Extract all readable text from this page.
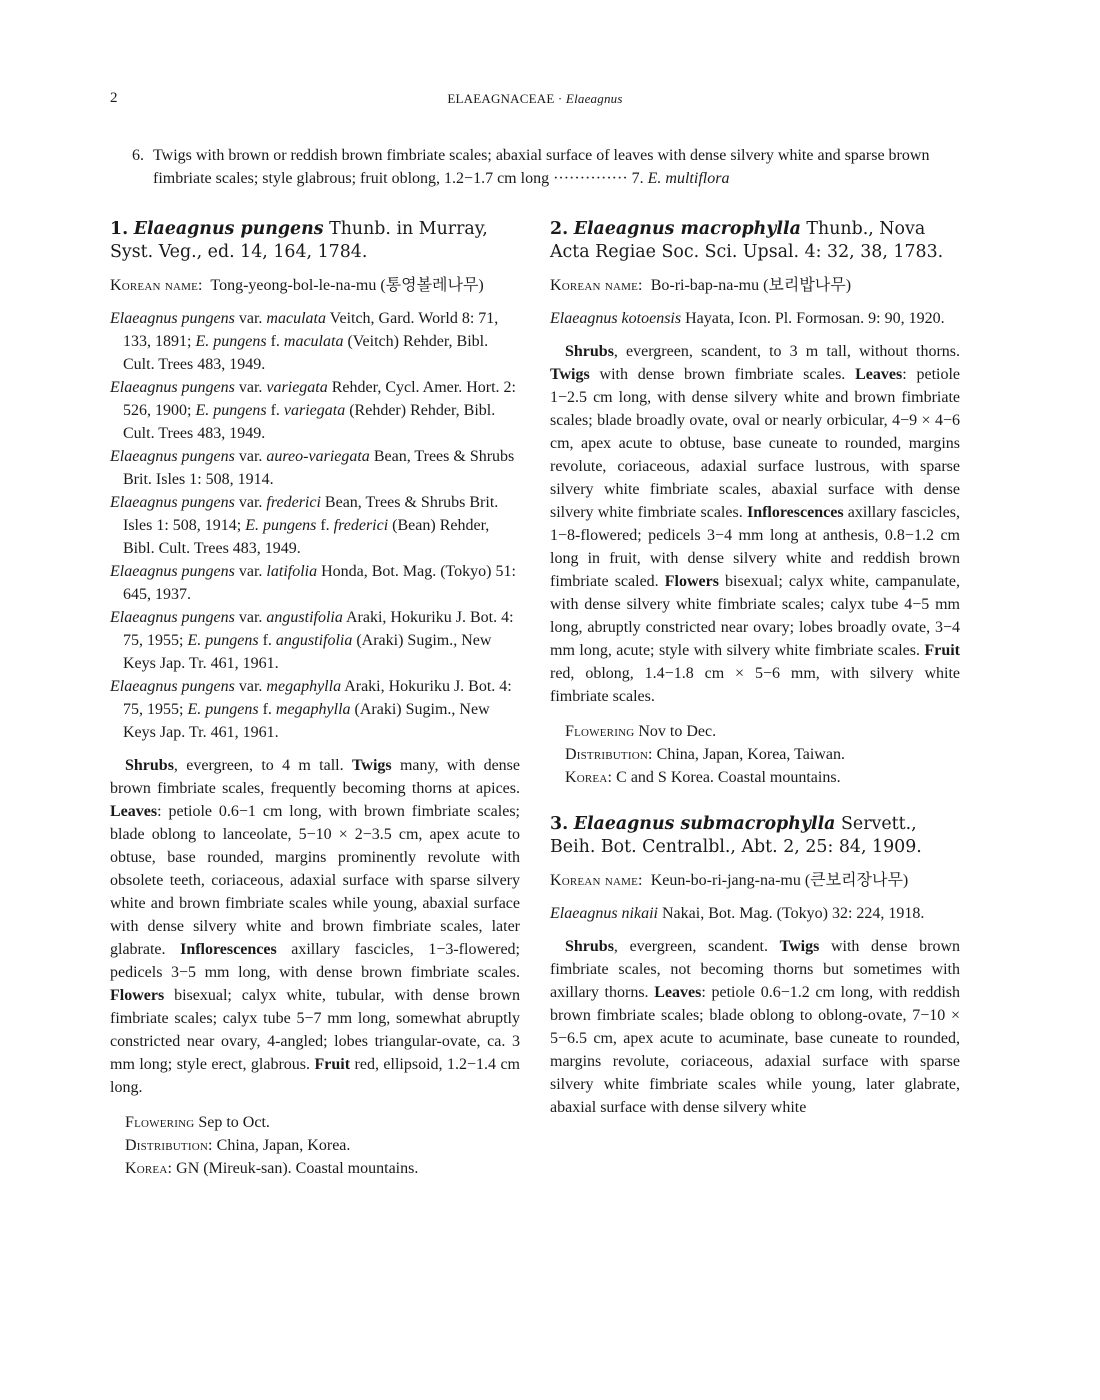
2	ELAEAGNACEAE · Elaeagnus
6. Twigs with brown or reddish brown fimbriate scales; abaxial surface of leaves with dense silvery white and sparse brown fimbriate scales; style glabrous; fruit oblong, 1.2−1.7 cm long ·············· 7. E. multiflora
1. Elaeagnus pungens Thunb. in Murray, Syst. Veg., ed. 14, 164, 1784.

Korean name: Tong-yeong-bol-le-na-mu (통영볼레나무)

Elaeagnus pungens var. maculata Veitch, Gard. World 8: 71, 133, 1891; E. pungens f. maculata (Veitch) Rehder, Bibl. Cult. Trees 483, 1949.

Elaeagnus pungens var. variegata Rehder, Cycl. Amer. Hort. 2: 526, 1900; E. pungens f. variegata (Rehder) Rehder, Bibl. Cult. Trees 483, 1949.

Elaeagnus pungens var. aureo-variegata Bean, Trees & Shrubs Brit. Isles 1: 508, 1914.

Elaeagnus pungens var. frederici Bean, Trees & Shrubs Brit. Isles 1: 508, 1914; E. pungens f. frederici (Bean) Rehder, Bibl. Cult. Trees 483, 1949.

Elaeagnus pungens var. latifolia Honda, Bot. Mag. (Tokyo) 51: 645, 1937.

Elaeagnus pungens var. angustifolia Araki, Hokuriku J. Bot. 4: 75, 1955; E. pungens f. angustifolia (Araki) Sugim., New Keys Jap. Tr. 461, 1961.

Elaeagnus pungens var. megaphylla Araki, Hokuriku J. Bot. 4: 75, 1955; E. pungens f. megaphylla (Araki) Sugim., New Keys Jap. Tr. 461, 1961.

Shrubs, evergreen, to 4 m tall. Twigs many, with dense brown fimbriate scales, frequently becoming thorns at apices. Leaves: petiole 0.6−1 cm long, with brown fimbriate scales; blade oblong to lanceolate, 5−10 × 2−3.5 cm, apex acute to obtuse, base rounded, margins prominently revolute with obsolete teeth, coriaceous, adaxial surface with sparse silvery white and brown fimbriate scales while young, abaxial surface with dense silvery white and brown fimbriate scales, later glabrate. Inflorescences axillary fascicles, 1−3-flowered; pedicels 3−5 mm long, with dense brown fimbriate scales. Flowers bisexual; calyx white, tubular, with dense brown fimbriate scales; calyx tube 5−7 mm long, somewhat abruptly constricted near ovary, 4-angled; lobes triangular-ovate, ca. 3 mm long; style erect, glabrous. Fruit red, ellipsoid, 1.2−1.4 cm long.

Flowering Sep to Oct.

Distribution: China, Japan, Korea.

Korea: GN (Mireuk-san). Coastal mountains.

2. Elaeagnus macrophylla Thunb., Nova Acta Regiae Soc. Sci. Upsal. 4: 32, 38, 1783.

Korean name: Bo-ri-bap-na-mu (보리밥나무)

Elaeagnus kotoensis Hayata, Icon. Pl. Formosan. 9: 90, 1920.

Shrubs, evergreen, scandent, to 3 m tall, without thorns. Twigs with dense brown fimbriate scales. Leaves: petiole 1−2.5 cm long, with dense silvery white and brown fimbriate scales; blade broadly ovate, oval or nearly orbicular, 4−9 × 4−6 cm, apex acute to obtuse, base cuneate to rounded, margins revolute, coriaceous, adaxial surface lustrous, with sparse silvery white fimbriate scales, abaxial surface with dense silvery white fimbriate scales. Inflorescences axillary fascicles, 1−8-flowered; pedicels 3−4 mm long at anthesis, 0.8−1.2 cm long in fruit, with dense silvery white and reddish brown fimbriate scaled. Flowers bisexual; calyx white, campanulate, with dense silvery white fimbriate scales; calyx tube 4−5 mm long, abruptly constricted near ovary; lobes broadly ovate, 3−4 mm long, acute; style with silvery white fimbriate scales. Fruit red, oblong, 1.4−1.8 cm × 5−6 mm, with silvery white fimbriate scales.

Flowering Nov to Dec.

Distribution: China, Japan, Korea, Taiwan.

Korea: C and S Korea. Coastal mountains.

3. Elaeagnus submacrophylla Servett., Beih. Bot. Centralbl., Abt. 2, 25: 84, 1909.

Korean name: Keun-bo-ri-jang-na-mu (큰보리장나무)

Elaeagnus nikaii Nakai, Bot. Mag. (Tokyo) 32: 224, 1918.

Shrubs, evergreen, scandent. Twigs with dense brown fimbriate scales, not becoming thorns but sometimes with axillary thorns. Leaves: petiole 0.6−1.2 cm long, with reddish brown fimbriate scales; blade oblong to oblong-ovate, 7−10 × 5−6.5 cm, apex acute to acuminate, base cuneate to rounded, margins revolute, coriaceous, adaxial surface with sparse silvery white fimbriate scales while young, later glabrate, abaxial surface with dense silvery white
